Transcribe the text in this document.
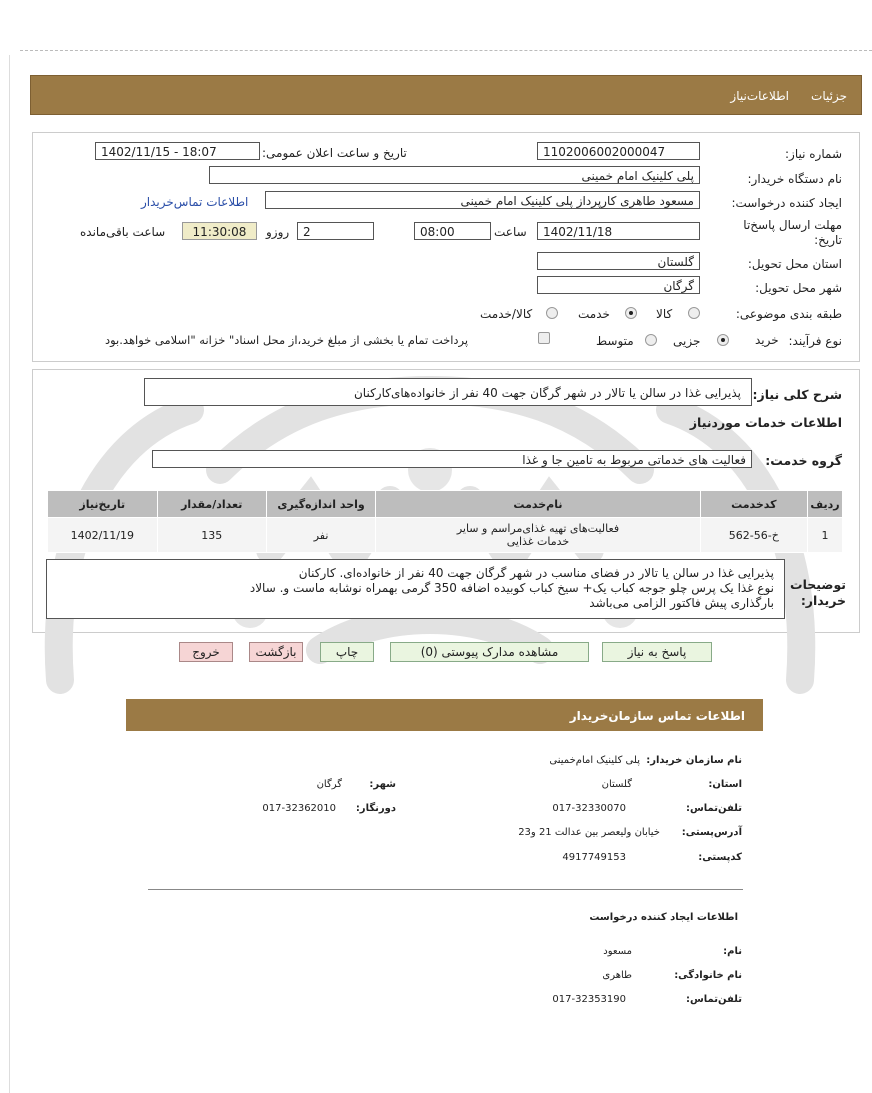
جزئیات
اطلاعات‌نیاز
شماره نیاز:
1102006002000047
تاریخ و ساعت اعلان عمومی:
1402/11/15 - 18:07
نام دستگاه خریدار:
پلی کلینیک امام خمینی
ایجاد کننده درخواست:
مسعود طاهری کارپرداز پلی کلینیک امام خمینی
اطلاعات تماس‌خریدار
مهلت ارسال پاسخ‌تا
تاریخ:
1402/11/18
ساعت
08:00
2
روزو
11:30:08
ساعت باقی‌مانده
استان محل تحویل:
گلستان
شهر محل تحویل:
گرگان
طبقه بندی موضوعی:
کالا
خدمت
کالا/خدمت
نوع فرآیند:
خرید
جزیی
متوسط
پرداخت تمام یا بخشی از مبلغ خرید،از محل اسناد" خزانه "اسلامی خواهد.بود
شرح کلی نیاز:
پذیرایی غذا در سالن یا تالار در شهر گرگان جهت 40 نفر از خانواده‌های‌کارکنان
اطلاعات خدمات موردنیاز
گروه خدمت:
فعالیت های خدماتی مربوط به تامین جا و غذا
ردیف	کدخدمت	نام‌خدمت	واحد اندازه‌گیری	تعداد/مقدار	تاریخ‌نیاز
1	خ-56-562	فعالیت‌های تهیه غذای‌مراسم و سایر
خدمات غذایی	نفر	135	1402/11/19
توضیحات
خریدار:
پذیرایی غذا در سالن یا تالار در فضای مناسب در شهر گرگان جهت 40 نفر از خانواده‌ای. کارکنان
نوع غذا یک پرس چلو جوجه کباب یک+ سیخ کباب کوبیده اضافه 350 گرمی بهمراه نوشابه ماست و. سالاد
بارگذاری پیش فاکتور الزامی می‌باشد
پاسخ به نیاز
مشاهده مدارک پیوستی (0)
چاپ
بازگشت
خروج
اطلاعات تماس سازمان‌خریدار
نام سازمان خریدار:
پلی کلینیک امام‌خمینی
استان:
گلستان
شهر:
گرگان
تلفن‌تماس:
017-32330070
دورنگار:
017-32362010
آدرس‌پستی:
خیابان ولیعصر بین عدالت 21 و23
کدپستی:
4917749153
اطلاعات ایجاد کننده درخواست
نام:
مسعود
نام خانوادگی:
طاهری
تلفن‌تماس:
017-32353190
